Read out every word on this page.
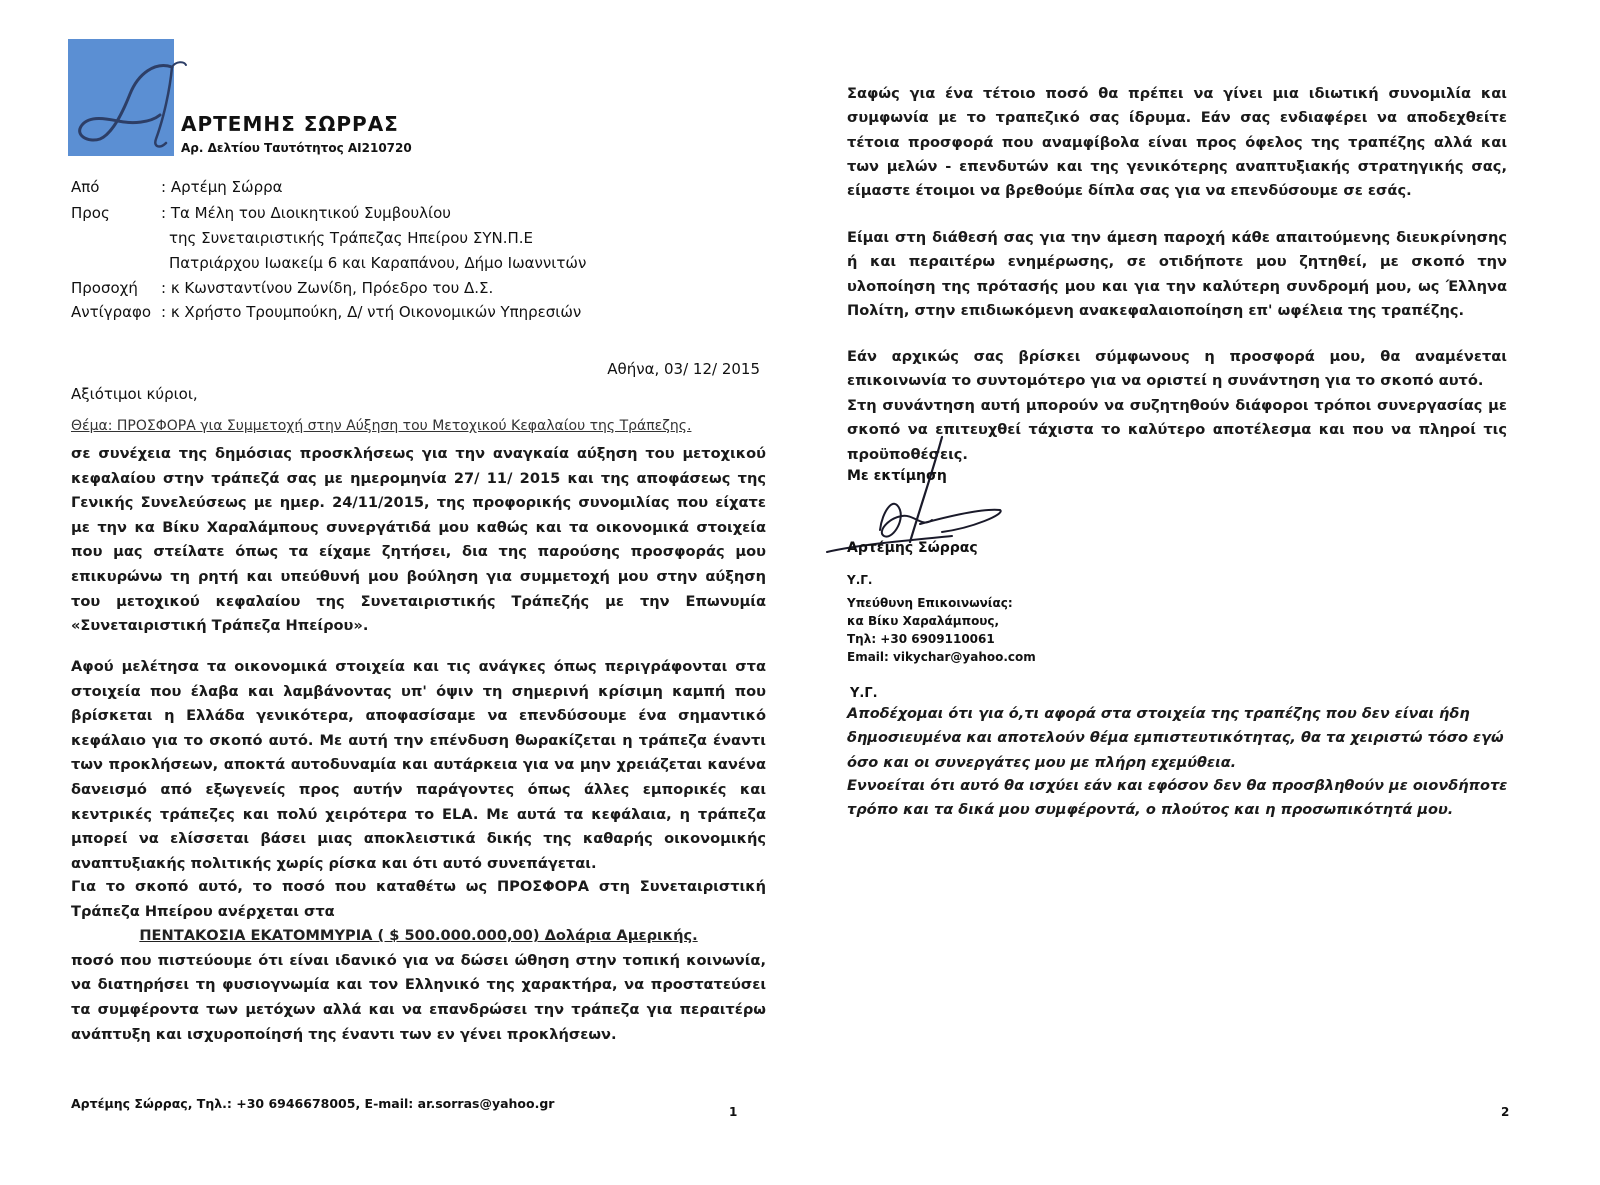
ΑΡΤΕΜΗΣ ΣΩΡΡΑΣ
Αρ. Δελτίου Ταυτότητος ΑΙ210720
Από	: Αρτέμη Σώρρα
Προς	: Τα Μέλη του Διοικητικού Συμβουλίου
της Συνεταιριστικής Τράπεζας Ηπείρου ΣΥΝ.Π.Ε
Πατριάρχου Ιωακείμ 6 και Καραπάνου, Δήμο Ιωαννιτών
Προσοχή : κ Κωνσταντίνου Ζωνίδη, Πρόεδρο του Δ.Σ.
Αντίγραφο : κ Χρήστο Τρουμπούκη, Δ/ ντή Οικονομικών Υπηρεσιών
Αθήνα, 03/ 12/ 2015
Αξιότιμοι κύριοι,
Θέμα: ΠΡΟΣΦΟΡΑ για Συμμετοχή στην Αύξηση του Μετοχικού Κεφαλαίου της Τράπεζης.
σε συνέχεια της δημόσιας προσκλήσεως για την αναγκαία αύξηση του μετοχικού κεφαλαίου στην τράπεζά σας με ημερομηνία 27/ 11/ 2015 και της αποφάσεως της Γενικής Συνελεύσεως με ημερ. 24/11/2015, της προφορικής συνομιλίας που είχατε με την κα Βίκυ Χαραλάμπους συνεργάτιδά μου καθώς και τα οικονομικά στοιχεία που μας στείλατε όπως τα είχαμε ζητήσει, δια της παρούσης προσφοράς μου επικυρώνω τη ρητή και υπεύθυνή μου βούληση για συμμετοχή μου στην αύξηση του μετοχικού κεφαλαίου της Συνεταιριστικής Τράπεζής με την Επωνυμία «Συνεταιριστική Τράπεζα Ηπείρου».
Αφού μελέτησα τα οικονομικά στοιχεία και τις ανάγκες όπως περιγράφονται στα στοιχεία που έλαβα και λαμβάνοντας υπ' όψιν τη σημερινή κρίσιμη καμπή που βρίσκεται η Ελλάδα γενικότερα, αποφασίσαμε να επενδύσουμε ένα σημαντικό κεφάλαιο για το σκοπό αυτό. Με αυτή την επένδυση θωρακίζεται η τράπεζα έναντι των προκλήσεων, αποκτά αυτοδυναμία και αυτάρκεια για να μην χρειάζεται κανένα δανεισμό από εξωγενείς προς αυτήν παράγοντες όπως άλλες εμπορικές και κεντρικές τράπεζες και πολύ χειρότερα το ELA. Με αυτά τα κεφάλαια, η τράπεζα μπορεί να ελίσσεται βάσει μιας αποκλειστικά δικής της καθαρής οικονομικής αναπτυξιακής πολιτικής χωρίς ρίσκα και ότι αυτό συνεπάγεται.
Για το σκοπό αυτό, το ποσό που καταθέτω ως ΠΡΟΣΦΟΡΑ στη Συνεταιριστική Τράπεζα Ηπείρου ανέρχεται στα
ΠΕΝΤΑΚΟΣΙΑ ΕΚΑΤΟΜΜΥΡΙΑ ( $ 500.000.000,00) Δολάρια Αμερικής.
ποσό που πιστεύουμε ότι είναι ιδανικό για να δώσει ώθηση στην τοπική κοινωνία, να διατηρήσει τη φυσιογνωμία και τον Ελληνικό της χαρακτήρα, να προστατεύσει τα συμφέροντα των μετόχων αλλά και να επανδρώσει την τράπεζα για περαιτέρω ανάπτυξη και ισχυροποίησή της έναντι των εν γένει προκλήσεων.
Αρτέμης Σώρρας, Τηλ.: +30 6946678005, E-mail: ar.sorras@yahoo.gr
1
Σαφώς για ένα τέτοιο ποσό θα πρέπει να γίνει μια ιδιωτική συνομιλία και συμφωνία με το τραπεζικό σας ίδρυμα. Εάν σας ενδιαφέρει να αποδεχθείτε τέτοια προσφορά που αναμφίβολα είναι προς όφελος της τραπέζης αλλά και των μελών - επενδυτών και της γενικότερης αναπτυξιακής στρατηγικής σας, είμαστε έτοιμοι να βρεθούμε δίπλα σας για να επενδύσουμε σε εσάς.
Είμαι στη διάθεσή σας για την άμεση παροχή κάθε απαιτούμενης διευκρίνησης ή και περαιτέρω ενημέρωσης, σε οτιδήποτε μου ζητηθεί, με σκοπό την υλοποίηση της πρότασής μου και για την καλύτερη συνδρομή μου, ως Έλληνα Πολίτη, στην επιδιωκόμενη ανακεφαλαιοποίηση επ' ωφέλεια της τραπέζης.
Εάν αρχικώς σας βρίσκει σύμφωνους η προσφορά μου, θα αναμένεται επικοινωνία το συντομότερο για να οριστεί η συνάντηση για το σκοπό αυτό.
Στη συνάντηση αυτή μπορούν να συζητηθούν διάφοροι τρόποι συνεργασίας με σκοπό να επιτευχθεί τάχιστα το καλύτερο αποτέλεσμα και που να πληροί τις προϋποθέσεις.
Με εκτίμηση
Αρτέμης Σώρρας
Υ.Γ.
Υπεύθυνη Επικοινωνίας:
κα Βίκυ Χαραλάμπους,
Τηλ: +30 6909110061
Email: vikychar@yahoo.com
Υ.Γ.
Αποδέχομαι ότι για ό,τι αφορά στα στοιχεία της τραπέζης που δεν είναι ήδη δημοσιευμένα και αποτελούν θέμα εμπιστευτικότητας, θα τα χειριστώ τόσο εγώ όσο και οι συνεργάτες μου με πλήρη εχεμύθεια.
Εννοείται ότι αυτό θα ισχύει εάν και εφόσον δεν θα προσβληθούν με οιονδήποτε τρόπο και τα δικά μου συμφέροντά, ο πλούτος και η προσωπικότητά μου.
2
